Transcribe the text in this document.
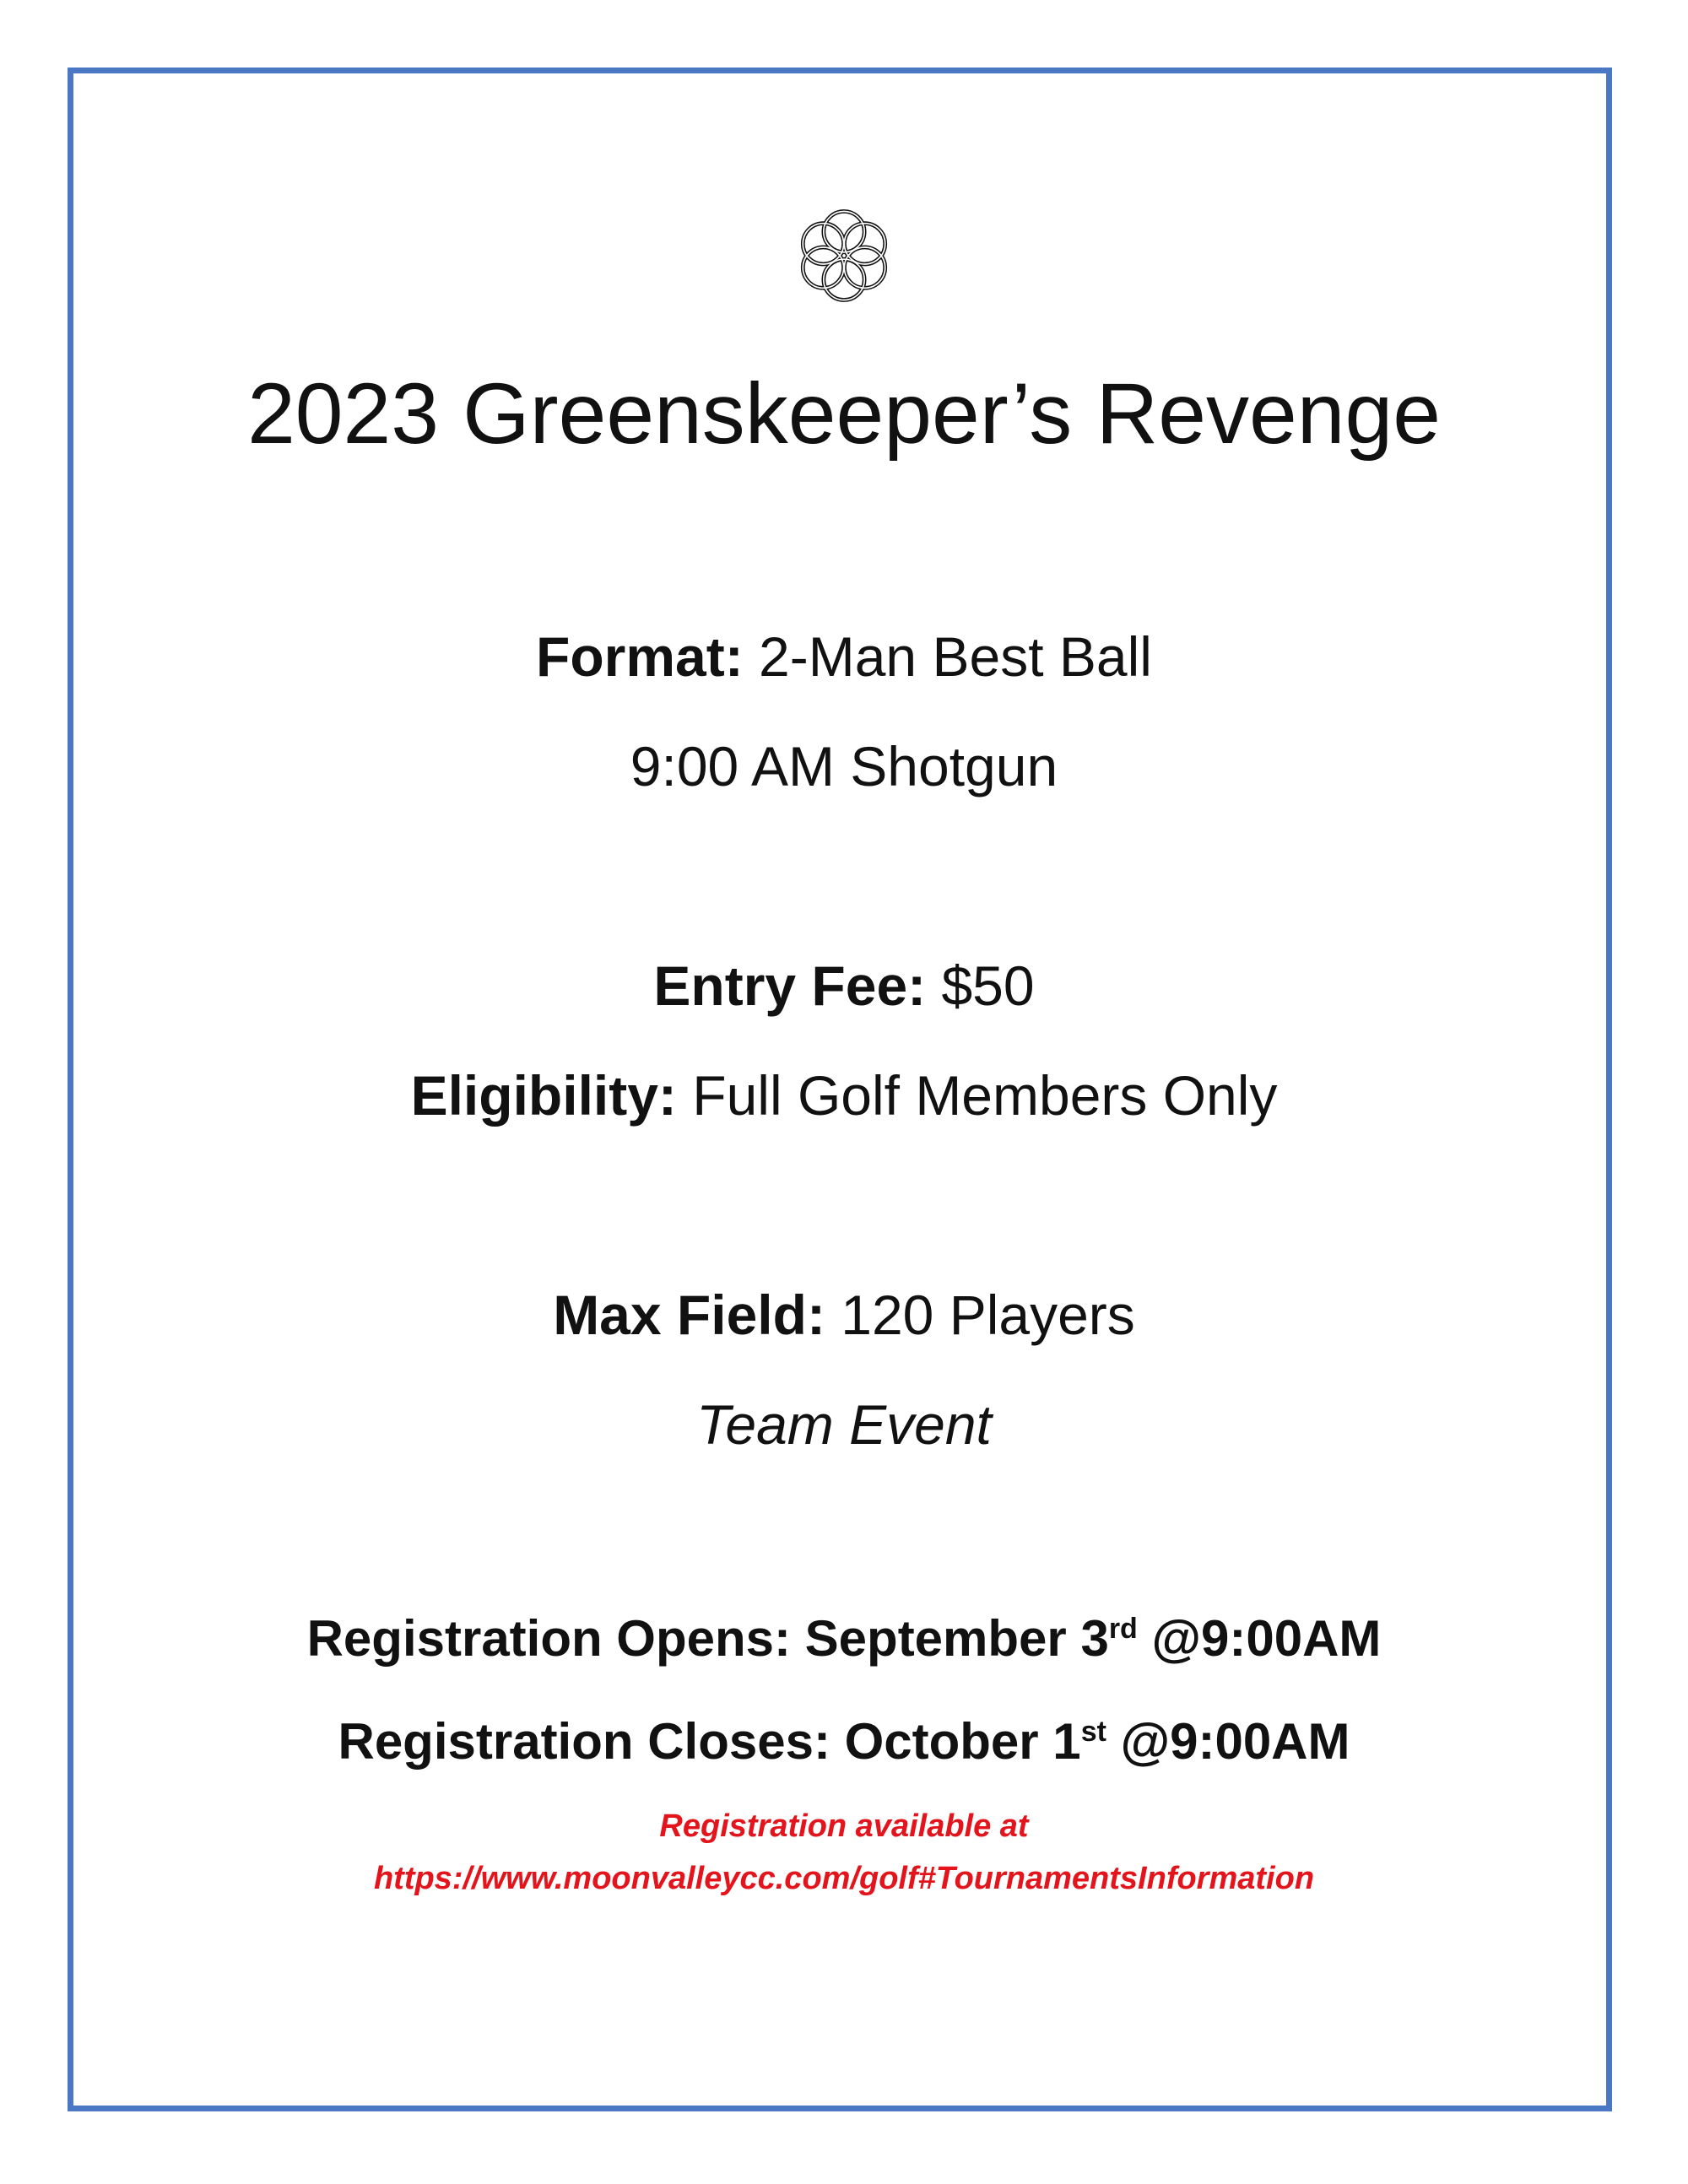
2023 Greenskeeper’s Revenge
Format: 2-Man Best Ball
9:00 AM Shotgun
Entry Fee: $50
Eligibility: Full Golf Members Only
Max Field: 120 Players
Team Event
Registration Opens: September 3rd @9:00AM
Registration Closes: October 1st @9:00AM
Registration available at
https://www.moonvalleycc.com/golf#TournamentsInformation
